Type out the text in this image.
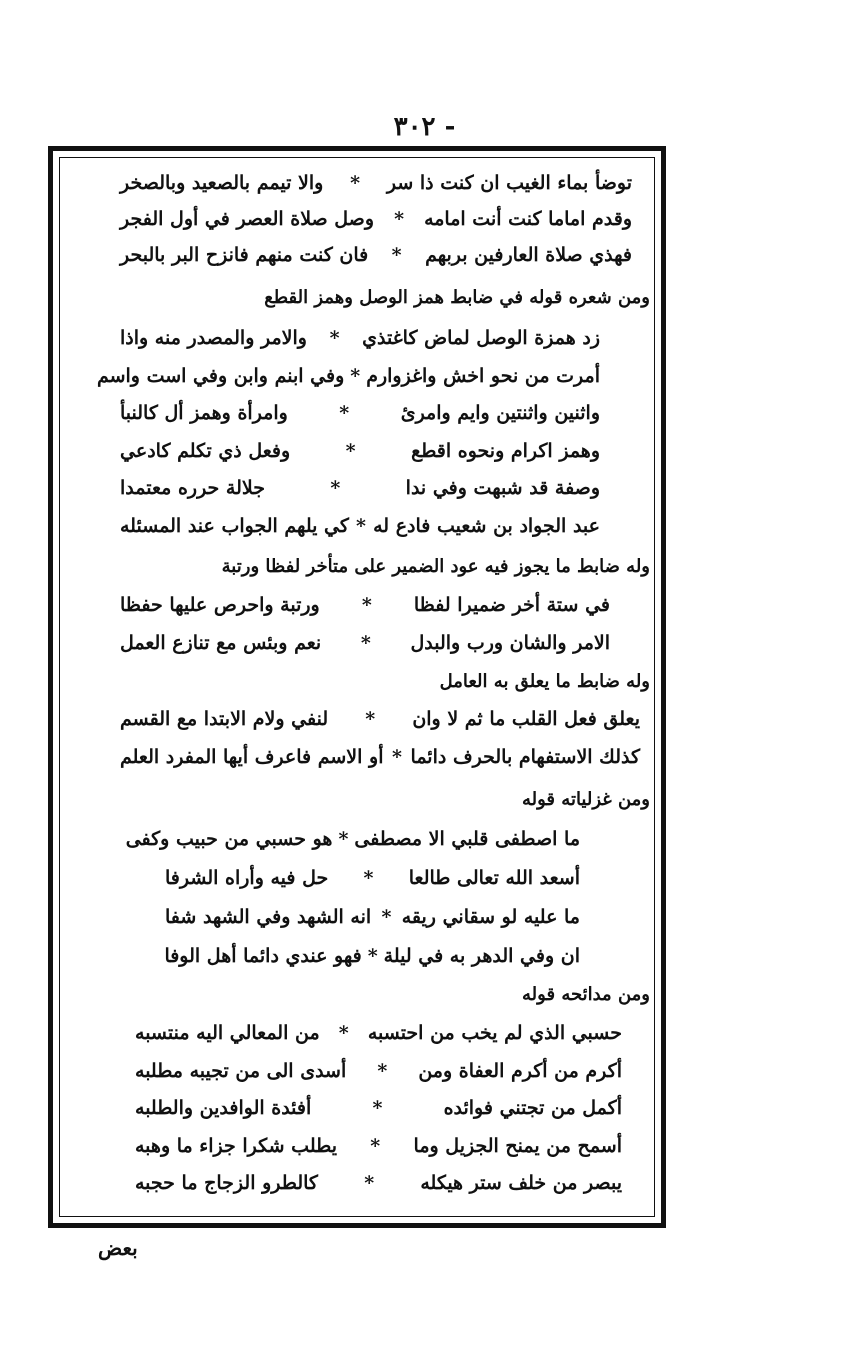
- ٣٠٢
توضأ بماء الغيب ان كنت ذا سر
*
والا تيمم بالصعيد وبالصخر
وقدم اماما كنت أنت امامه
*
وصل صلاة العصر في أول الفجر
فهذي صلاة العارفين بربهم
*
فان كنت منهم فانزح البر بالبحر
ومن شعره قوله في ضابط همز الوصل وهمز القطع
زد همزة الوصل لماض كاغتذي
*
والامر والمصدر منه واذا
أمرت من نحو اخش واغزوارم
*
وفي ابنم وابن وفي است واسم
واثنين واثنتين وايم وامرئ
*
وامرأة وهمز أل كالنبأ
وهمز اكرام ونحوه اقطع
*
وفعل ذي تكلم كادعي
وصفة قد شبهت وفي ندا
*
جلالة حرره معتمدا
عبد الجواد بن شعيب فادع له
*
كي يلهم الجواب عند المسئله
وله ضابط ما يجوز فيه عود الضمير على متأخر لفظا ورتبة
في ستة أخر ضميرا لفظا
*
ورتبة واحرص عليها حفظا
الامر والشان ورب والبدل
*
نعم وبئس مع تنازع العمل
وله ضابط ما يعلق به العامل
يعلق فعل القلب ما ثم لا وان
*
لنفي ولام الابتدا مع القسم
كذلك الاستفهام بالحرف دائما
*
أو الاسم فاعرف أيها المفرد العلم
ومن غزلياته قوله
ما اصطفى قلبي الا مصطفى
*
هو حسبي من حبيب وكفى
أسعد الله تعالى طالعا
*
حل فيه وأراه الشرفا
ما عليه لو سقاني ريقه
*
انه الشهد وفي الشهد شفا
ان وفي الدهر به في ليلة
*
فهو عندي دائما أهل الوفا
ومن مدائحه قوله
حسبي الذي لم يخب من احتسبه
*
من المعالي اليه منتسبه
أكرم من أكرم العفاة ومن
*
أسدى الى من تجيبه مطلبه
أكمل من تجتني فوائده
*
أفئدة الوافدين والطلبه
أسمح من يمنح الجزيل وما
*
يطلب شكرا جزاء ما وهبه
يبصر من خلف ستر هيكله
*
كالطرو الزجاج ما حجبه
بعض
